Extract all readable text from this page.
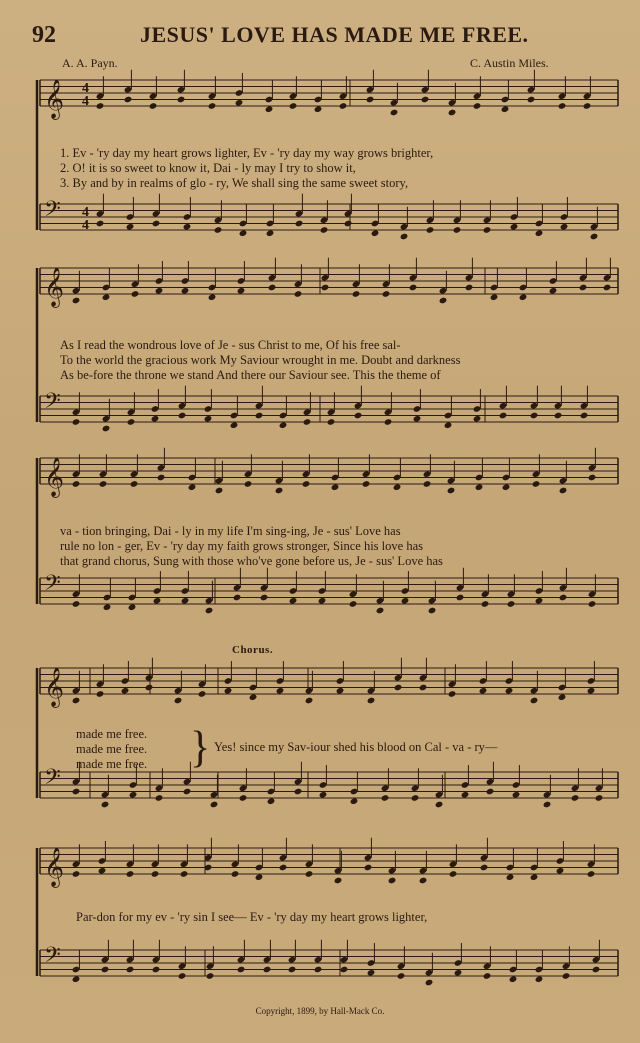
92	JESUS' LOVE HAS MADE ME FREE.
A. A. Payn.	C. Austin Miles.
𝄞
𝄢
𝄞
𝄢
𝄞
𝄢
𝄞
𝄢
𝄞
𝄢
4
4
4
4
1. Ev - 'ry day my heart grows lighter, Ev - 'ry day my way grows brighter,
2. O! it is so sweet to know it, Dai - ly may I try to show it,
3. By and by in realms of glo - ry, We shall sing the same sweet story,
As I read the wondrous love of Je - sus Christ to me, Of his free sal-
To the world the gracious work My Saviour wrought in me. Doubt and darkness
As be-fore the throne we stand And there our Saviour see. This the theme of
va - tion bringing, Dai - ly in my life I'm sing-ing, Je - sus' Love has
rule no lon - ger, Ev - 'ry day my faith grows stronger, Since his love has
that grand chorus, Sung with those who've gone before us, Je - sus' Love has
Chorus.
made me free.
made me free.
made me free. } Yes! since my Sav-iour shed his blood on Cal - va - ry—
Par-don for my ev - 'ry sin I see— Ev - 'ry day my heart grows lighter,
Copyright, 1899, by Hall-Mack Co.
